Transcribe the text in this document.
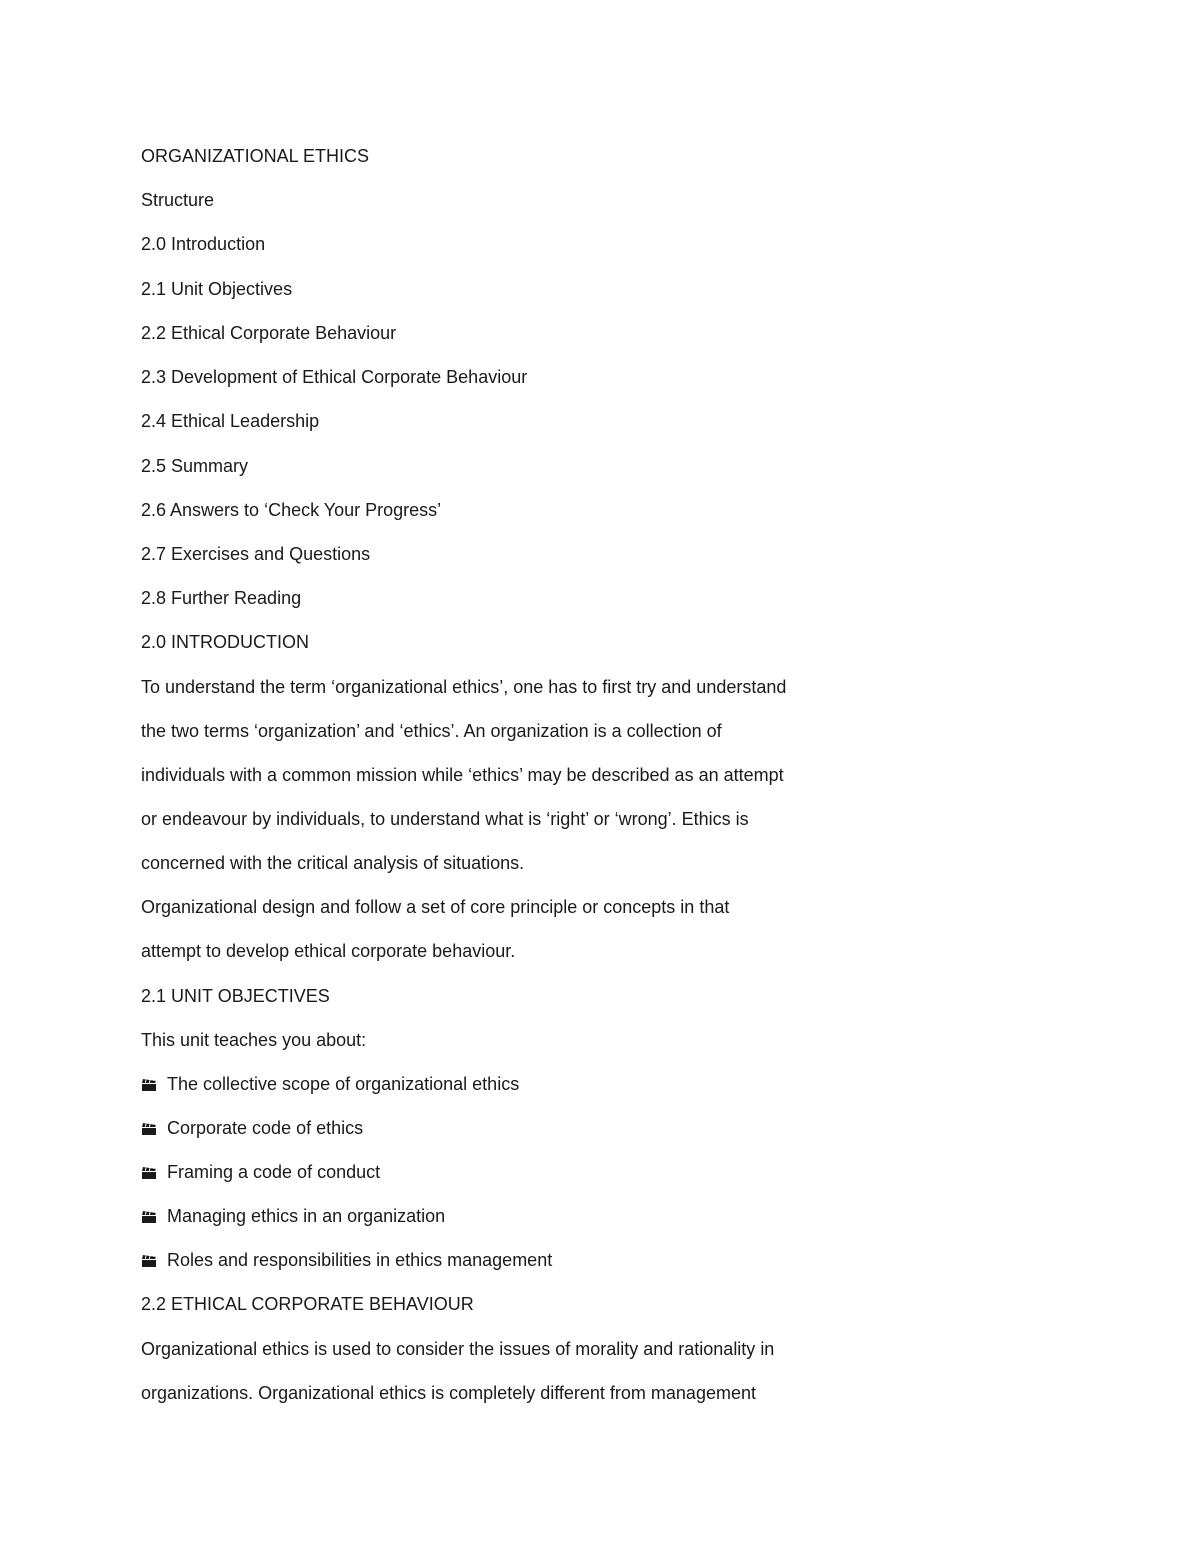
ORGANIZATIONAL ETHICS

Structure

2.0 Introduction

2.1 Unit Objectives

2.2 Ethical Corporate Behaviour

2.3 Development of Ethical Corporate Behaviour

2.4 Ethical Leadership

2.5 Summary

2.6 Answers to ‘Check Your Progress’

2.7 Exercises and Questions

2.8 Further Reading

2.0 INTRODUCTION

To understand the term ‘organizational ethics’, one has to first try and understand

the two terms ‘organization’ and ‘ethics’. An organization is a collection of

individuals with a common mission while ‘ethics’ may be described as an attempt

or endeavour by individuals, to understand what is ‘right’ or ‘wrong’. Ethics is

concerned with the critical analysis of situations.

Organizational design and follow a set of core principle or concepts in that

attempt to develop ethical corporate behaviour.

2.1 UNIT OBJECTIVES

This unit teaches you about:

The collective scope of organizational ethics

Corporate code of ethics

Framing a code of conduct

Managing ethics in an organization

Roles and responsibilities in ethics management

2.2 ETHICAL CORPORATE BEHAVIOUR

Organizational ethics is used to consider the issues of morality and rationality in

organizations. Organizational ethics is completely different from management
